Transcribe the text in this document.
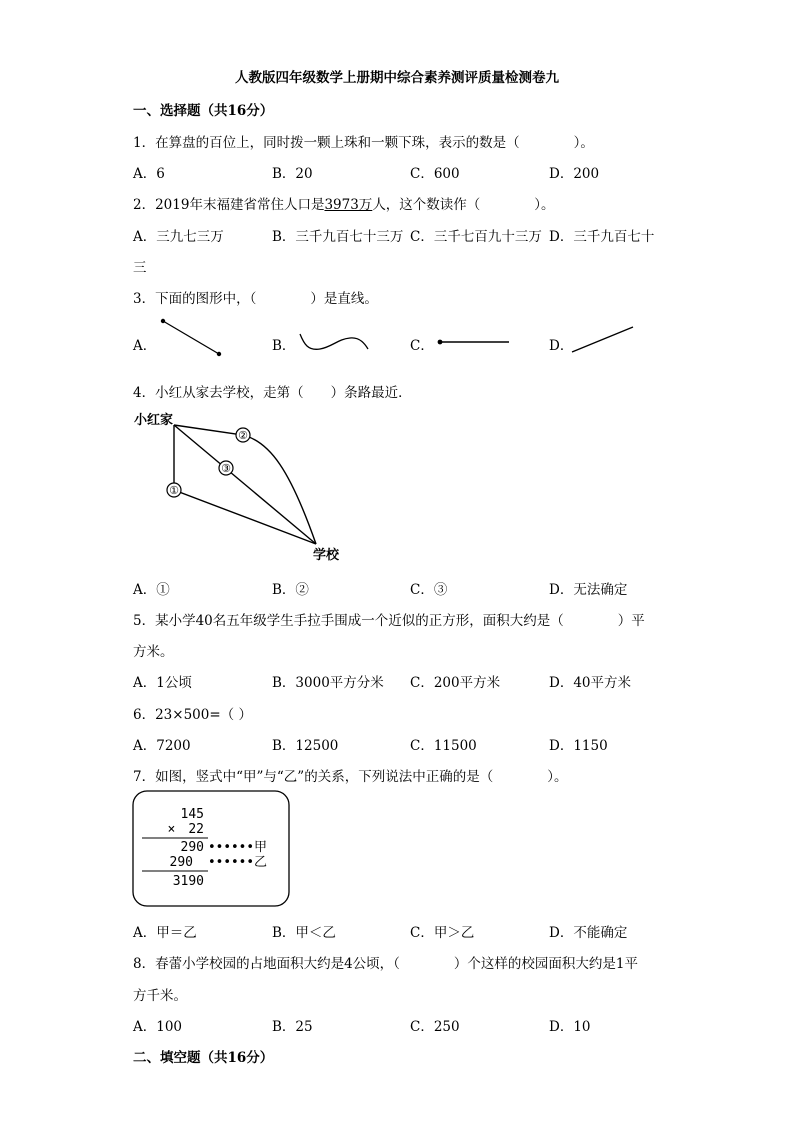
人教版四年级数学上册期中综合素养测评质量检测卷九
一、选择题（共16分）
1．在算盘的百位上，同时拨一颗上珠和一颗下珠，表示的数是（　　　　）。
A．6	B．20	C．600	D．200
2．2019年末福建省常住人口是3973万人，这个数读作（　　　　）。
A．三九七三万	B．三千九百七十三万 C．三千七百九十三万 D．三千九百七十
三
3．下面的图形中，（　　　　）是直线。
A．	B．	C．	D．
4．小红从家去学校，走第（　　）条路最近．
①
②
③
小红家
学校
A．①	B．②	C．③	D．无法确定
5．某小学40名五年级学生手拉手围成一个近似的正方形，面积大约是（　　　　）平
方米。
A．1公顷	B．3000平方分米 C．200平方米	D．40平方米
6．23×500=（ ）
A．7200	B．12500	C．11500	D．1150
7．如图，竖式中“甲”与“乙”的关系，下列说法中正确的是（　　　　）。
145
×　22
290
290
3190
••••••甲
••••••乙
A．甲＝乙	B．甲＜乙	C．甲＞乙	D．不能确定
8．春蕾小学校园的占地面积大约是4公顷，（　　　　）个这样的校园面积大约是1平
方千米。
A．100	B．25	C．250	D．10
二、填空题（共16分）
